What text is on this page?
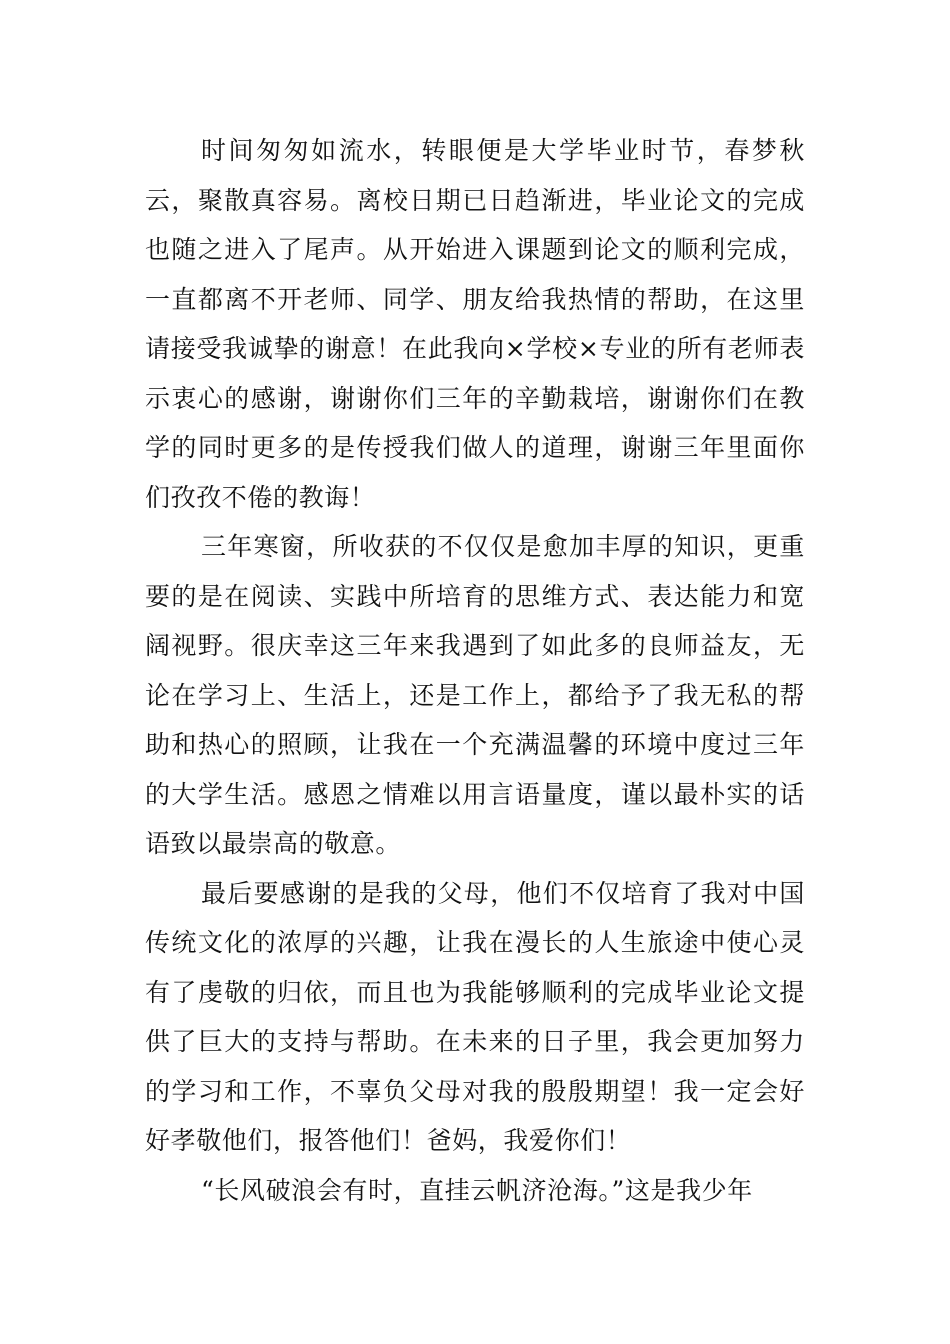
时间匆匆如流水，转眼便是大学毕业时节，春梦秋云，聚散真容易。离校日期已日趋渐进，毕业论文的完成也随之进入了尾声。从开始进入课题到论文的顺利完成，一直都离不开老师、同学、朋友给我热情的帮助，在这里请接受我诚挚的谢意！在此我向×学校×专业的所有老师表示衷心的感谢，谢谢你们三年的辛勤栽培，谢谢你们在教学的同时更多的是传授我们做人的道理，谢谢三年里面你们孜孜不倦的教诲！

三年寒窗，所收获的不仅仅是愈加丰厚的知识，更重要的是在阅读、实践中所培育的思维方式、表达能力和宽阔视野。很庆幸这三年来我遇到了如此多的良师益友，无论在学习上、生活上，还是工作上，都给予了我无私的帮助和热心的照顾，让我在一个充满温馨的环境中度过三年的大学生活。感恩之情难以用言语量度，谨以最朴实的话语致以最崇高的敬意。

最后要感谢的是我的父母，他们不仅培育了我对中国传统文化的浓厚的兴趣，让我在漫长的人生旅途中使心灵有了虔敬的归依，而且也为我能够顺利的完成毕业论文提供了巨大的支持与帮助。在未来的日子里，我会更加努力的学习和工作，不辜负父母对我的殷殷期望！我一定会好好孝敬他们，报答他们！爸妈，我爱你们！

“长风破浪会有时，直挂云帆济沧海。”这是我少年
